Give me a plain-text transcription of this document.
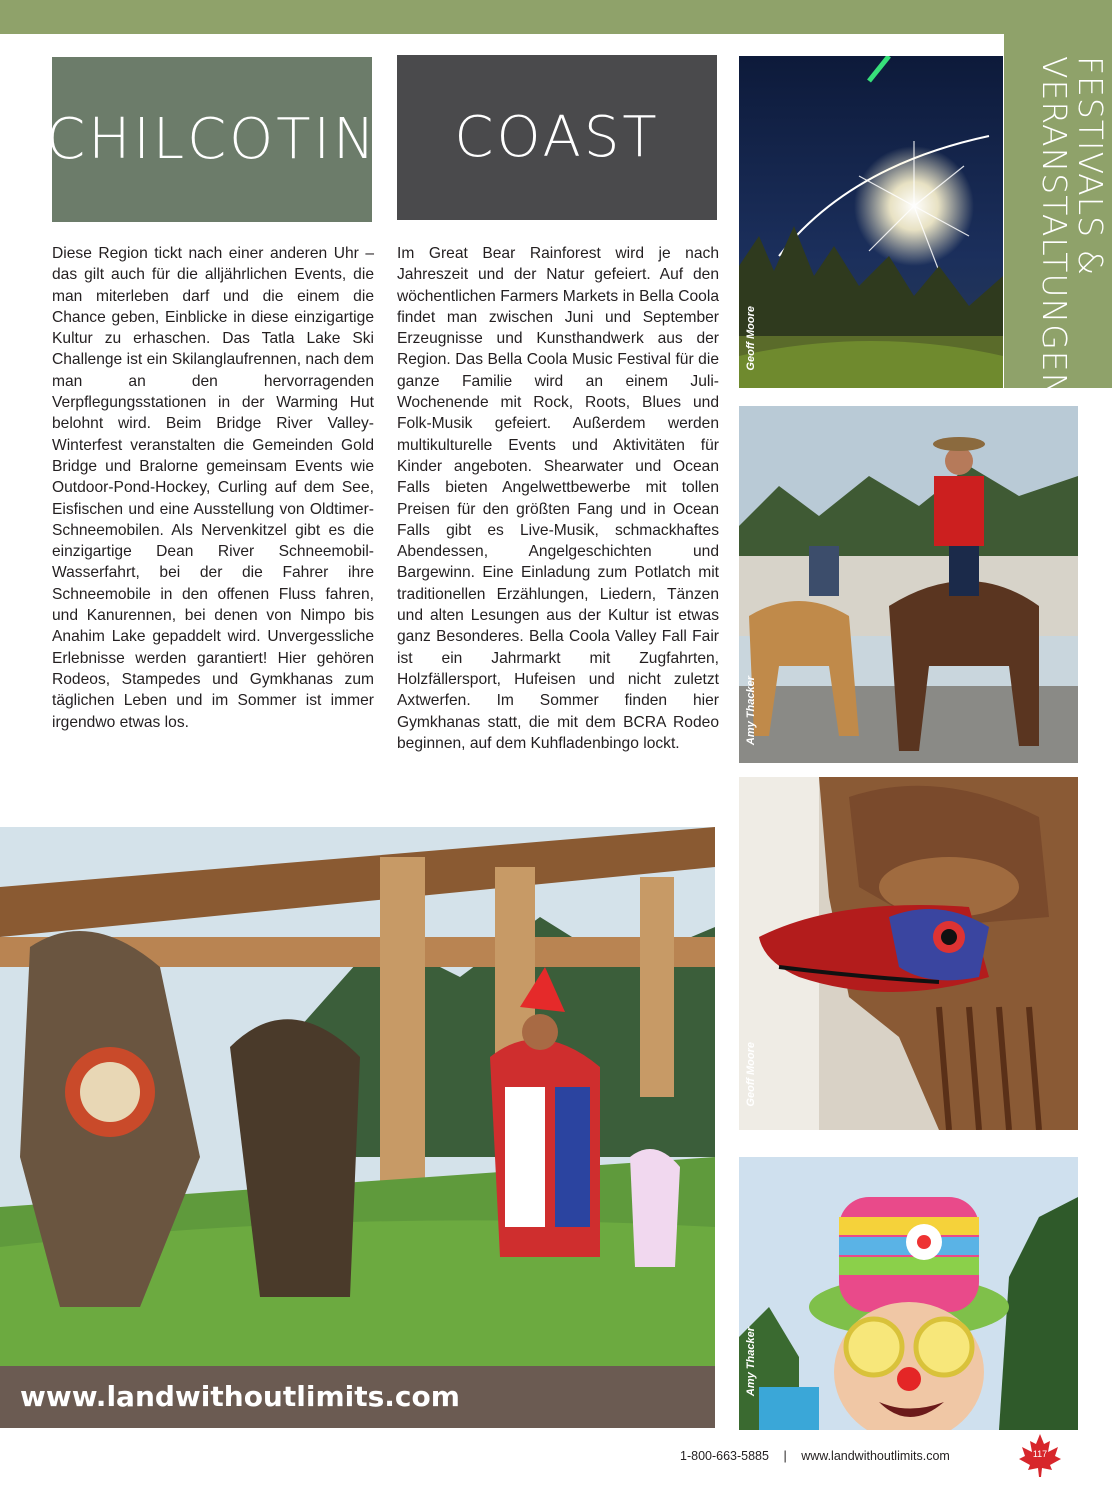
FESTIVALS &
VERANSTALTUNGEN
CHILCOTIN COAST
Diese Region tickt nach einer anderen Uhr – das gilt auch für die alljährlichen Events, die man miterleben darf und die einem die Chance geben, Einblicke in diese einzigartige Kultur zu erhaschen. Das Tatla Lake Ski Challenge ist ein Skilanglaufrennen, nach dem man an den hervorragenden Verpflegungsstationen in der Warming Hut belohnt wird. Beim Bridge River Valley-Winterfest veranstalten die Gemeinden Gold Bridge und Bralorne gemeinsam Events wie Outdoor-Pond-Hockey, Curling auf dem See, Eisfischen und eine Ausstellung von Oldtimer-Schneemobilen. Als Nervenkitzel gibt es die einzigartige Dean River Schneemobil-Wasserfahrt, bei der die Fahrer ihre Schneemobile in den offenen Fluss fahren, und Kanurennen, bei denen von Nimpo bis Anahim Lake gepaddelt wird. Unvergessliche Erlebnisse werden garantiert! Hier gehören Rodeos, Stampedes und Gymkhanas zum täglichen Leben und im Sommer ist immer irgendwo etwas los.
Im Great Bear Rainforest wird je nach Jahreszeit und der Natur gefeiert. Auf den wöchentlichen Farmers Markets in Bella Coola findet man zwischen Juni und September Erzeugnisse und Kunsthandwerk aus der Region. Das Bella Coola Music Festival für die ganze Familie wird an einem Juli-Wochenende mit Rock, Roots, Blues und Folk-Musik gefeiert. Außerdem werden multikulturelle Events und Aktivitäten für Kinder angeboten. Shearwater und Ocean Falls bieten Angelwettbewerbe mit tollen Preisen für den größten Fang und in Ocean Falls gibt es Live-Musik, schmackhaftes Abendessen, Angelgeschichten und Bargewinn. Eine Einladung zum Potlatch mit traditionellen Erzählungen, Liedern, Tänzen und alten Lesungen aus der Kultur ist etwas ganz Besonderes. Bella Coola Valley Fall Fair ist ein Jahrmarkt mit Zugfahrten, Holzfällersport, Hufeisen und nicht zuletzt Axtwerfen. Im Sommer finden hier Gymkhanas statt, die mit dem BCRA Rodeo beginnen, auf dem Kuhfladenbingo lockt.
Geoff Moore
Amy Thacker
Geoff Moore
Amy Thacker
www.landwithoutlimits.com
1-800-663-5885 | www.landwithoutlimits.com	117
